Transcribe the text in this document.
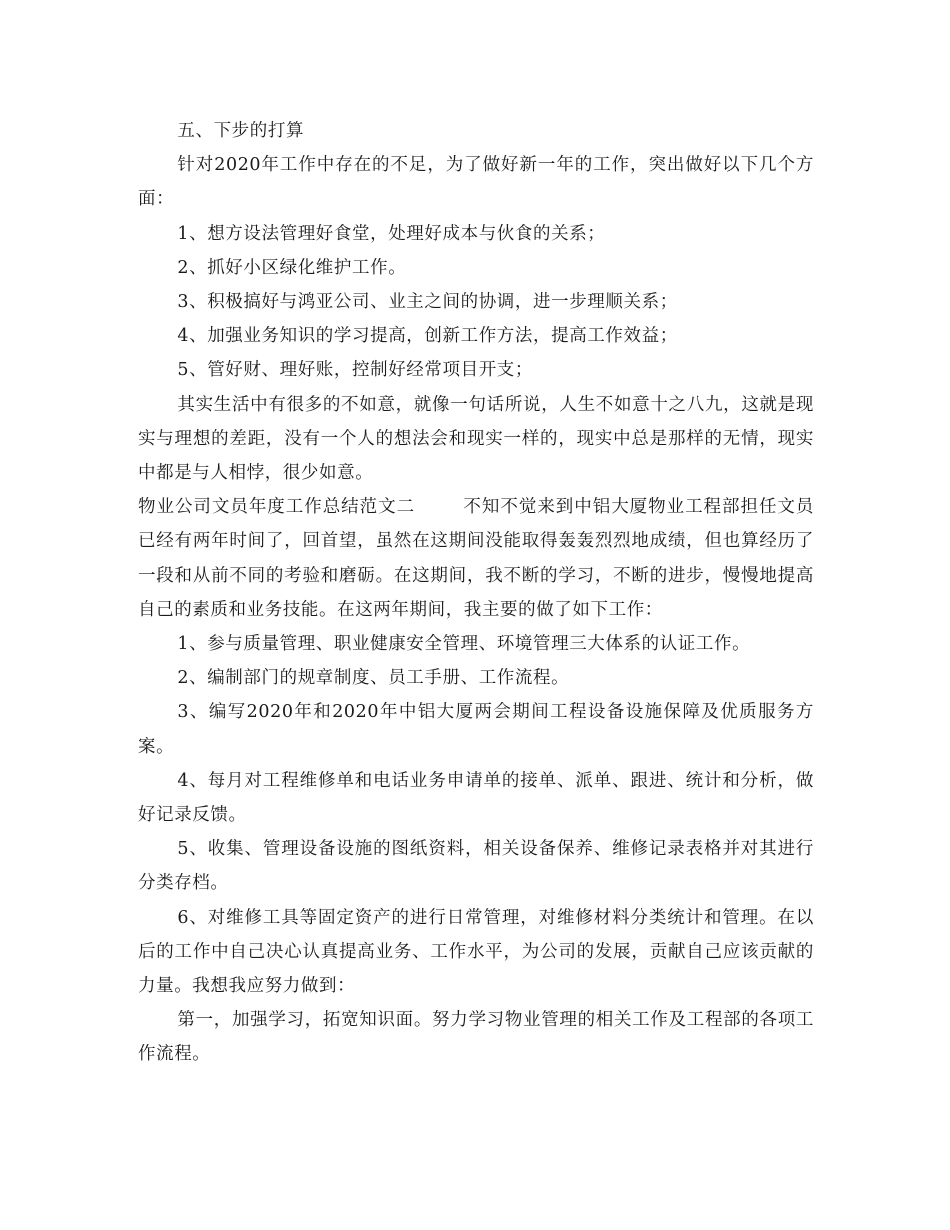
五、下步的打算

针对2020年工作中存在的不足，为了做好新一年的工作，突出做好以下几个方面：

1、想方设法管理好食堂，处理好成本与伙食的关系；

2、抓好小区绿化维护工作。

3、积极搞好与鸿亚公司、业主之间的协调，进一步理顺关系；

4、加强业务知识的学习提高，创新工作方法，提高工作效益；

5、管好财、理好账，控制好经常项目开支；

其实生活中有很多的不如意，就像一句话所说，人生不如意十之八九，这就是现实与理想的差距，没有一个人的想法会和现实一样的，现实中总是那样的无情，现实中都是与人相悖，很少如意。

物业公司文员年度工作总结范文二	不知不觉来到中铝大厦物业工程部担任文员已经有两年时间了，回首望，虽然在这期间没能取得轰轰烈烈地成绩，但也算经历了一段和从前不同的考验和磨砺。在这期间，我不断的学习，不断的进步，慢慢地提高自己的素质和业务技能。在这两年期间，我主要的做了如下工作：

1、参与质量管理、职业健康安全管理、环境管理三大体系的认证工作。

2、编制部门的规章制度、员工手册、工作流程。

3、编写2020年和2020年中铝大厦两会期间工程设备设施保障及优质服务方案。

4、每月对工程维修单和电话业务申请单的接单、派单、跟进、统计和分析，做好记录反馈。

5、收集、管理设备设施的图纸资料，相关设备保养、维修记录表格并对其进行分类存档。

6、对维修工具等固定资产的进行日常管理，对维修材料分类统计和管理。在以后的工作中自己决心认真提高业务、工作水平，为公司的发展，贡献自己应该贡献的力量。我想我应努力做到：

第一，加强学习，拓宽知识面。努力学习物业管理的相关工作及工程部的各项工作流程。
